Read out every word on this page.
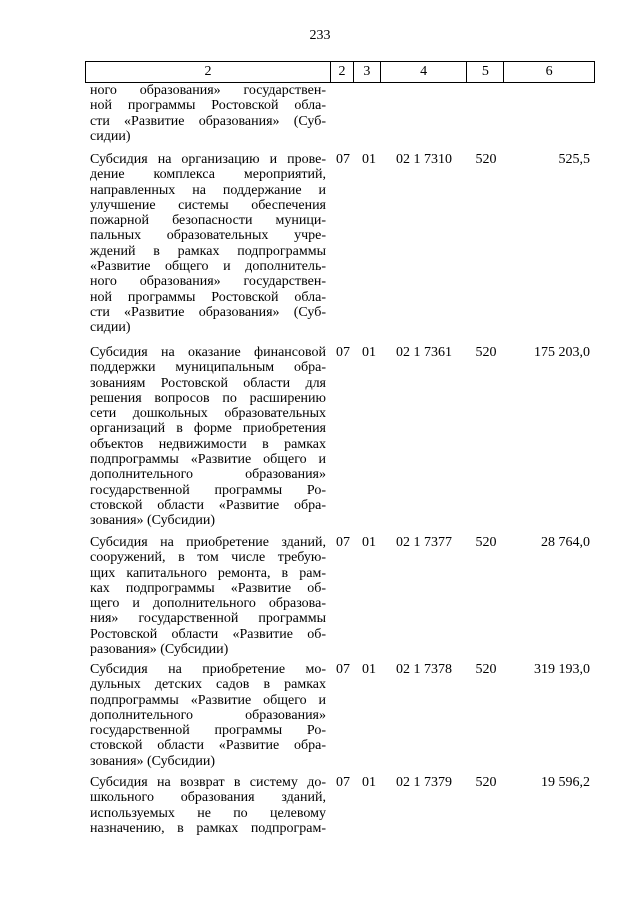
233
2	2	3	4	5	6
ного образования» государствен-
ной программы Ростовской обла-
сти «Развитие образования» (Суб-
сидии)
Субсидия на организацию и прове-
дение комплекса мероприятий,
направленных на поддержание и
улучшение системы обеспечения
пожарной безопасности муници-
пальных образовательных учре-
ждений в рамках подпрограммы
«Развитие общего и дополнитель-
ного образования» государствен-
ной программы Ростовской обла-
сти «Развитие образования» (Суб-
сидии)
07 01	02 1 7310	520	525,5
Субсидия на оказание финансовой
поддержки муниципальным обра-
зованиям Ростовской области для
решения вопросов по расширению
сети дошкольных образовательных
организаций в форме приобретения
объектов недвижимости в рамках
подпрограммы «Развитие общего и
дополнительного образования»
государственной программы Ро-
стовской области «Развитие обра-
зования» (Субсидии)
07 01	02 1 7361	520	175 203,0
Субсидия на приобретение зданий,
сооружений, в том числе требую-
щих капитального ремонта, в рам-
ках подпрограммы «Развитие об-
щего и дополнительного образова-
ния» государственной программы
Ростовской области «Развитие об-
разования» (Субсидии)
07 01	02 1 7377	520	28 764,0
Субсидия на приобретение мо-
дульных детских садов в рамках
подпрограммы «Развитие общего и
дополнительного образования»
государственной программы Ро-
стовской области «Развитие обра-
зования» (Субсидии)
07 01	02 1 7378	520	319 193,0
Субсидия на возврат в систему до-
школьного образования зданий,
используемых не по целевому
назначению, в рамках подпрограм-
07 01	02 1 7379	520	19 596,2
